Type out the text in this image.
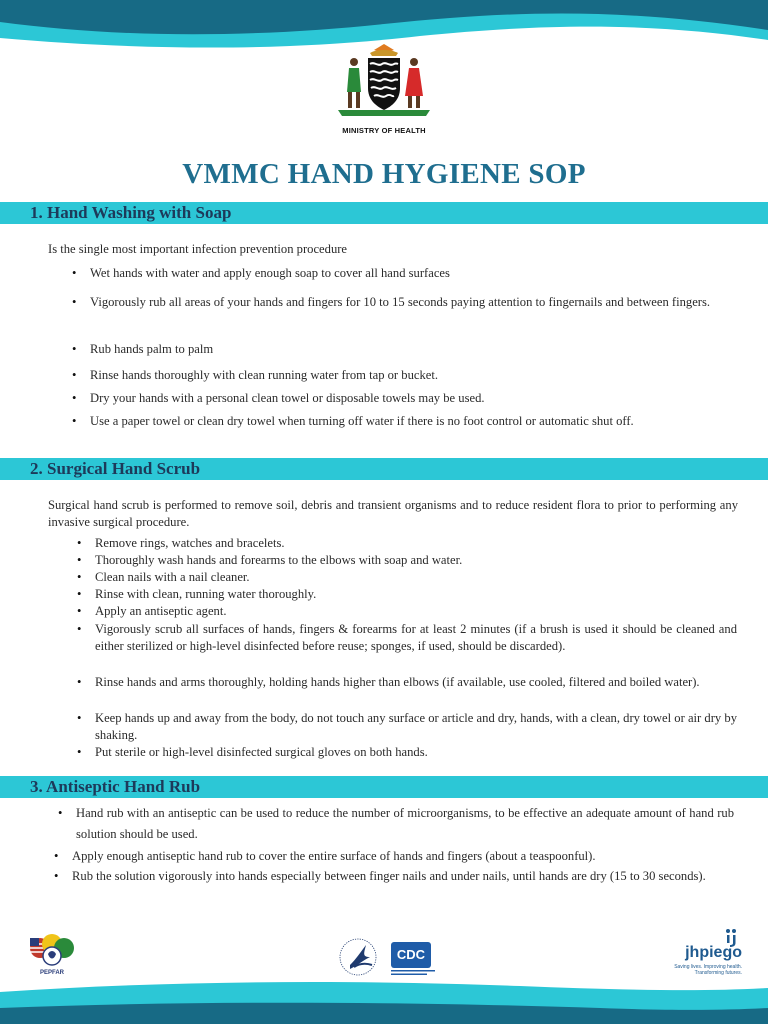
MINISTRY OF HEALTH
VMMC HAND HYGIENE SOP
1. Hand Washing with Soap
Is the single most important infection prevention procedure
• Wet hands with water and apply enough soap to cover all hand surfaces
• Vigorously rub all areas of your hands and fingers for 10 to 15 seconds paying attention to fingernails and between fingers.
• Rub hands palm to palm
• Rinse hands thoroughly with clean running water from tap or bucket.
• Dry your hands with a personal clean towel or disposable towels may be used.
• Use a paper towel or clean dry towel when turning off water if there is no foot control or automatic shut off.
2. Surgical Hand Scrub
Surgical hand scrub is performed to remove soil, debris and transient organisms and to reduce resident flora to prior to performing any invasive surgical procedure.
• Remove rings, watches and bracelets.
• Thoroughly wash hands and forearms to the elbows with soap and water.
• Clean nails with a nail cleaner.
• Rinse with clean, running water thoroughly.
• Apply an antiseptic agent.
• Vigorously scrub all surfaces of hands, fingers & forearms for at least 2 minutes (if a brush is used it should be cleaned and either sterilized or high-level disinfected before reuse; sponges, if used, should be discarded).
• Rinse hands and arms thoroughly, holding hands higher than elbows (if available, use cooled, filtered and boiled water).
• Keep hands up and away from the body, do not touch any surface or article and dry, hands, with a clean, dry towel or air dry by shaking.
• Put sterile or high-level disinfected surgical gloves on both hands.
3. Antiseptic Hand Rub
• Hand rub with an antiseptic can be used to reduce the number of microorganisms, to be effective an adequate amount of hand rub solution should be used.
• Apply enough antiseptic hand rub to cover the entire surface of hands and fingers (about a teaspoonful).
• Rub the solution vigorously into hands especially between finger nails and under nails, until hands are dry (15 to 30 seconds).
PEPFAR
CDC	jhpiego
Saving lives. Improving health. Transforming futures.
